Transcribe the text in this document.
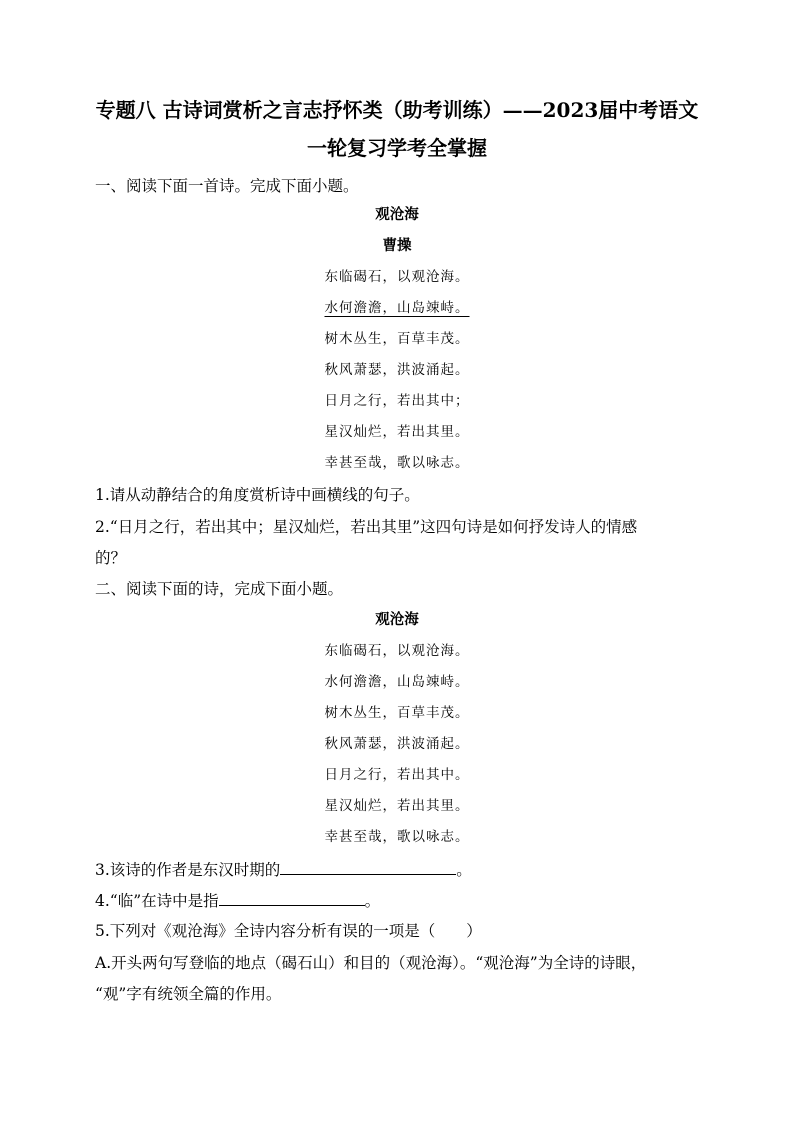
专题八 古诗词赏析之言志抒怀类（助考训练）——2023届中考语文
一轮复习学考全掌握
一、阅读下面一首诗。完成下面小题。
观沧海
曹操
东临碣石，以观沧海。
水何澹澹，山岛竦峙。
树木丛生，百草丰茂。
秋风萧瑟，洪波涌起。
日月之行，若出其中；
星汉灿烂，若出其里。
幸甚至哉，歌以咏志。
1.请从动静结合的角度赏析诗中画横线的句子。
2.“日月之行，若出其中；星汉灿烂，若出其里”这四句诗是如何抒发诗人的情感
的？
二、阅读下面的诗，完成下面小题。
观沧海
东临碣石，以观沧海。
水何澹澹，山岛竦峙。
树木丛生，百草丰茂。
秋风萧瑟，洪波涌起。
日月之行，若出其中。
星汉灿烂，若出其里。
幸甚至哉，歌以咏志。
3.该诗的作者是东汉时期的	。
4.“临”在诗中是指	。
5.下列对《观沧海》全诗内容分析有误的一项是（　　）
A.开头两句写登临的地点（碣石山）和目的（观沧海）。“观沧海”为全诗的诗眼，
“观”字有统领全篇的作用。
